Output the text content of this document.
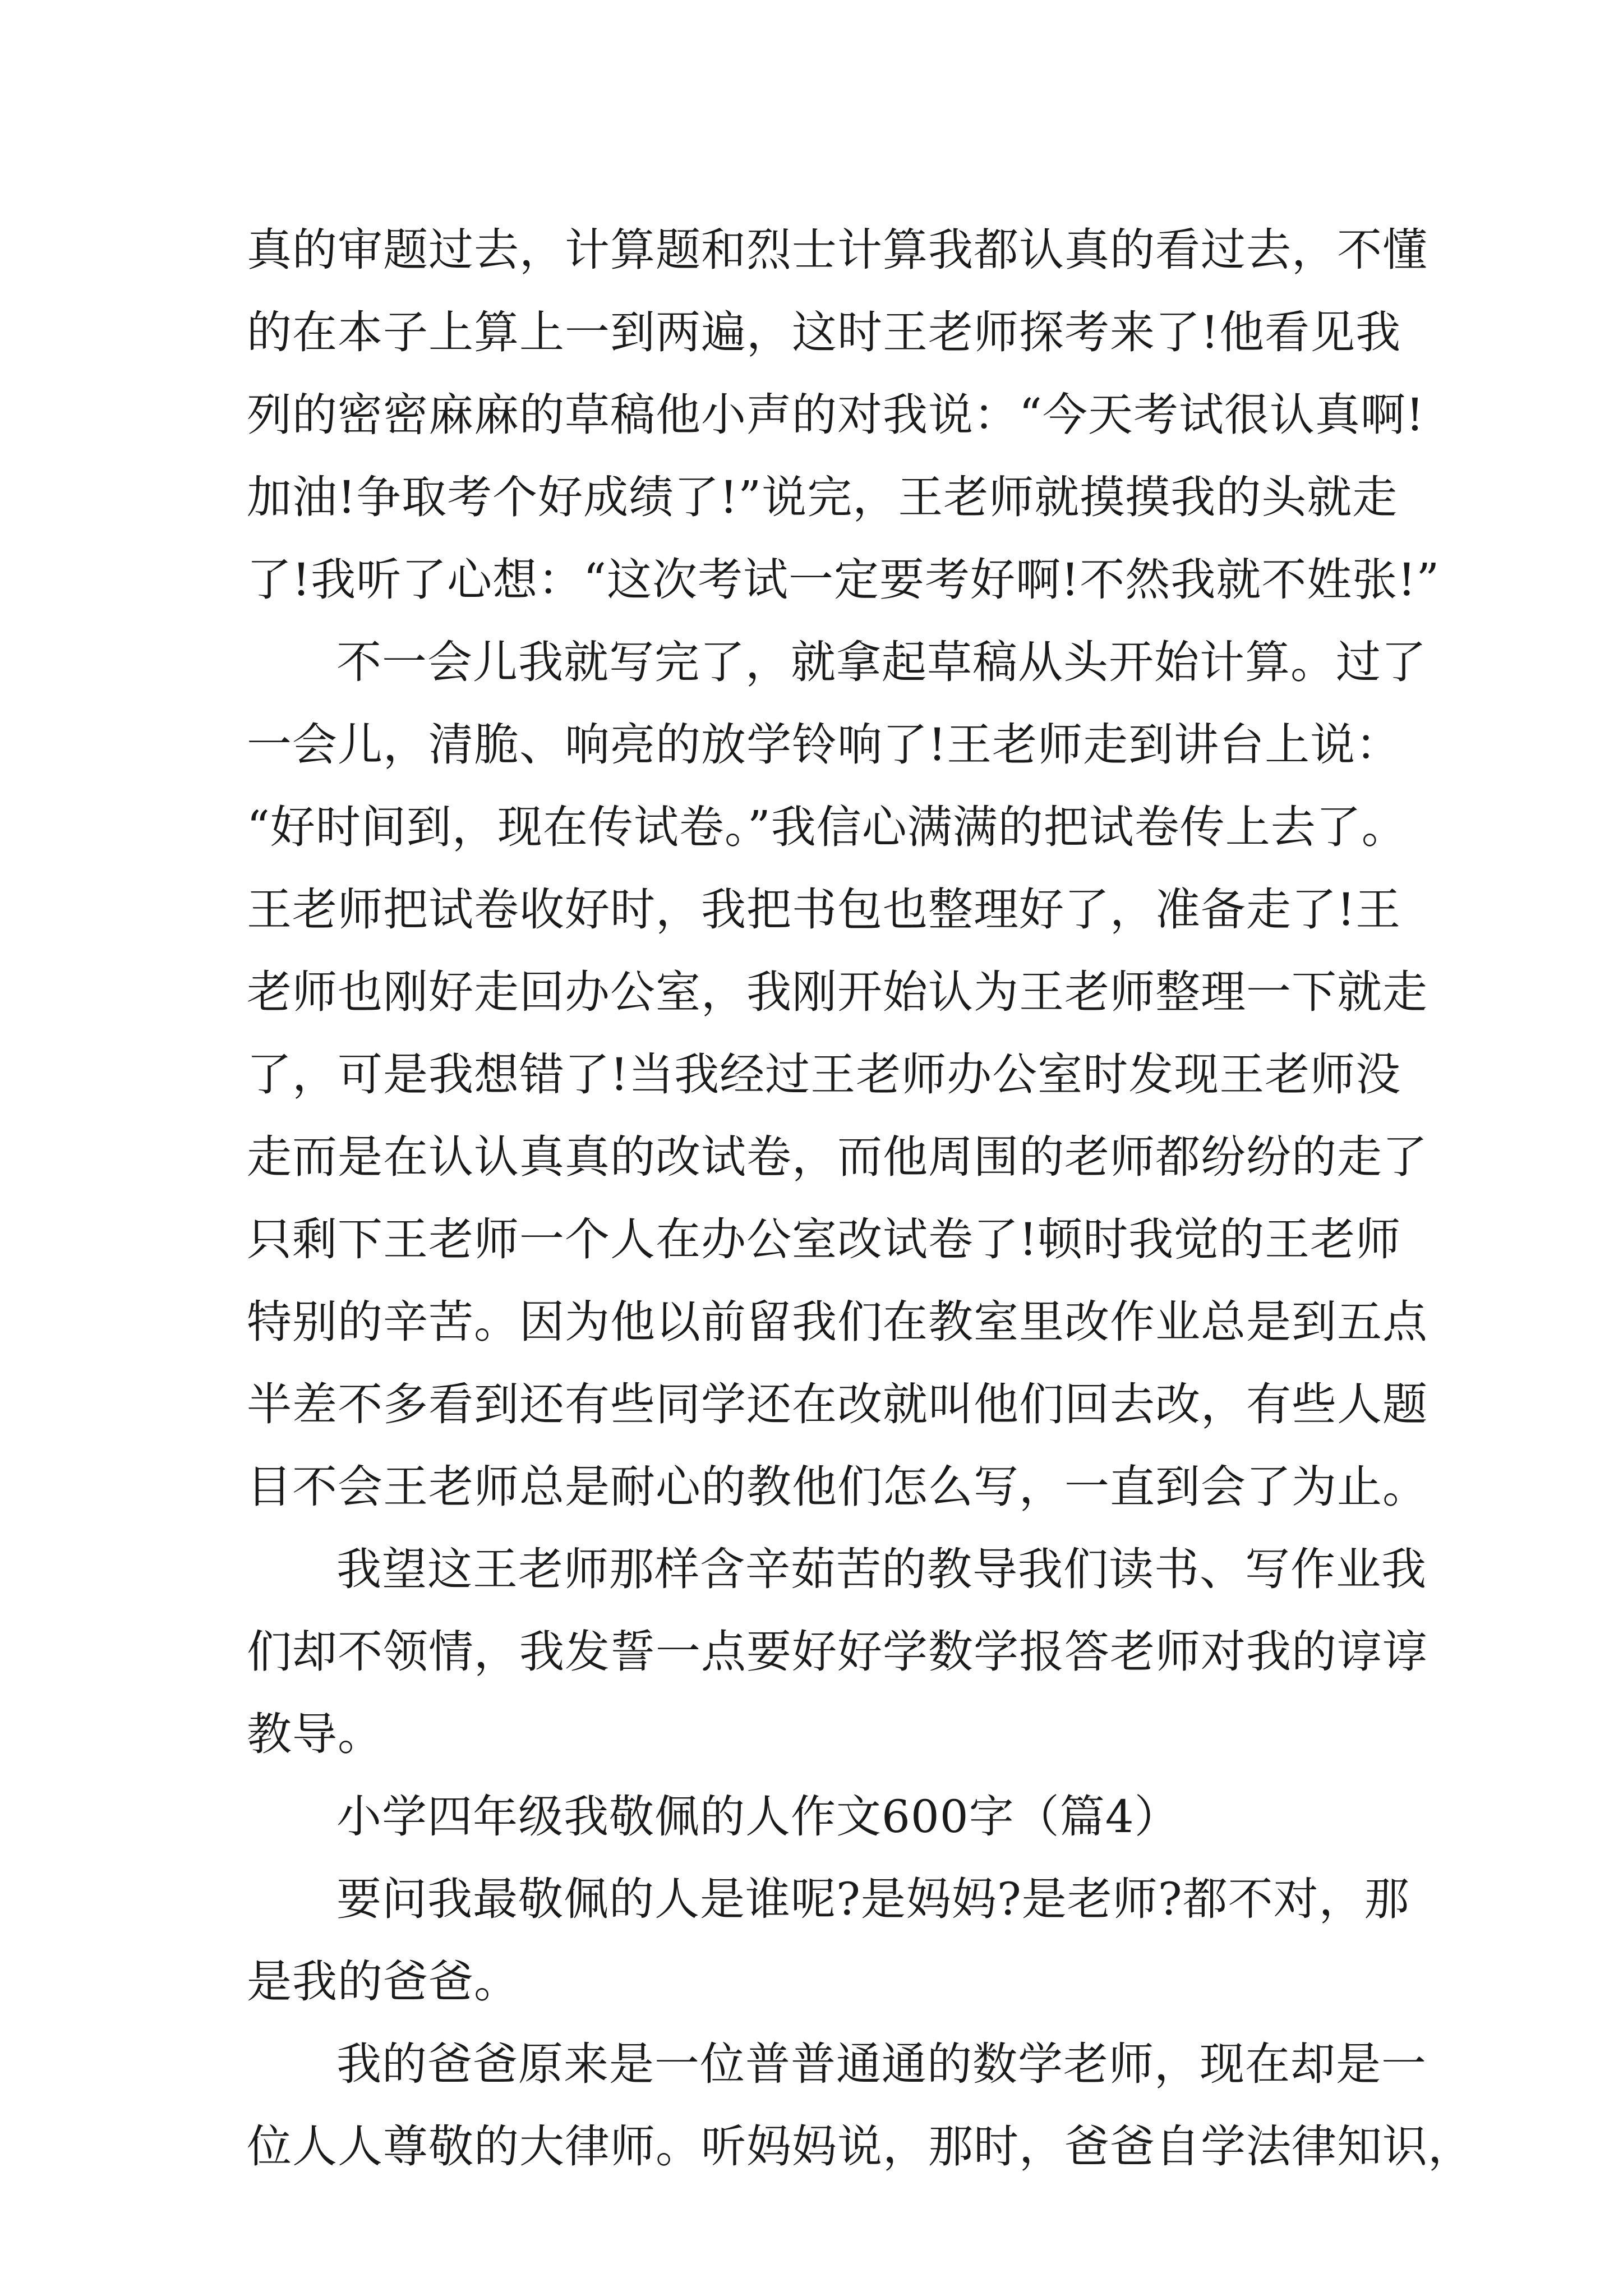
真的审题过去，计算题和烈士计算我都认真的看过去，不懂
的在本子上算上一到两遍，这时王老师探考来了!他看见我
列的密密麻麻的草稿他小声的对我说：“今天考试很认真啊!
加油!争取考个好成绩了!”说完，王老师就摸摸我的头就走
了!我听了心想：“这次考试一定要考好啊!不然我就不姓张!”
不一会儿我就写完了，就拿起草稿从头开始计算。过了
一会儿，清脆、响亮的放学铃响了!王老师走到讲台上说：
“好时间到，现在传试卷。”我信心满满的把试卷传上去了。
王老师把试卷收好时，我把书包也整理好了，准备走了!王
老师也刚好走回办公室，我刚开始认为王老师整理一下就走
了，可是我想错了!当我经过王老师办公室时发现王老师没
走而是在认认真真的改试卷，而他周围的老师都纷纷的走了
只剩下王老师一个人在办公室改试卷了!顿时我觉的王老师
特别的辛苦。因为他以前留我们在教室里改作业总是到五点
半差不多看到还有些同学还在改就叫他们回去改，有些人题
目不会王老师总是耐心的教他们怎么写，一直到会了为止。
我望这王老师那样含辛茹苦的教导我们读书、写作业我
们却不领情，我发誓一点要好好学数学报答老师对我的谆谆
教导。
小学四年级我敬佩的人作文600字（篇4）
要问我最敬佩的人是谁呢?是妈妈?是老师?都不对，那
是我的爸爸。
我的爸爸原来是一位普普通通的数学老师，现在却是一
位人人尊敬的大律师。听妈妈说，那时，爸爸自学法律知识，
